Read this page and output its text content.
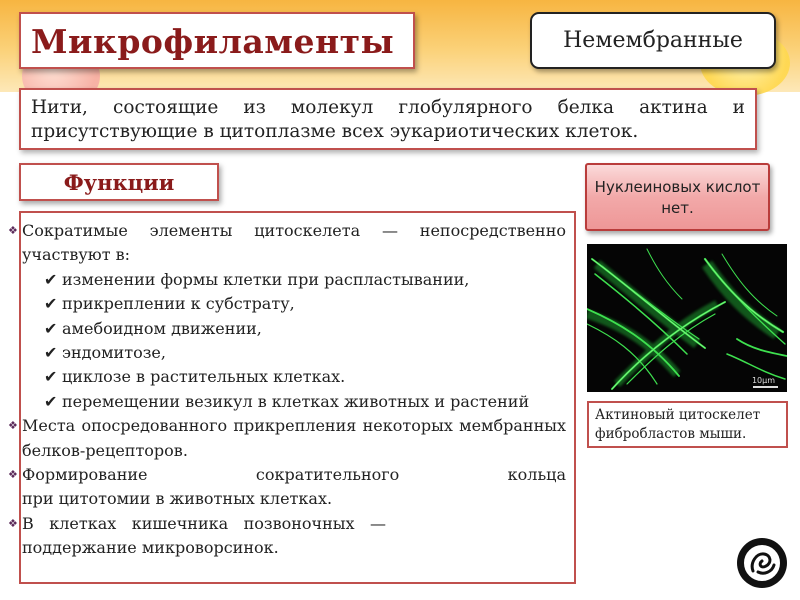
Микрофиламенты	Немембранные
Нити, состоящие из молекул глобулярного белка актина и присутствующие в цитоплазме всех эукариотических клеток.
Функции	Нуклеиновых кислот нет.
❖ Сократимые элементы цитоскелета — непосредственно участвуют в:
✔ изменении формы клетки при распластывании,
✔ прикреплении к субстрату,
✔ амебоидном движении,
✔ эндомитозе,
✔ циклозе в растительных клетках.
✔ перемещении везикул в клетках животных и растений
❖ Места опосредованного прикрепления некоторых мембранных белков-рецепторов.
❖ Формирование сократительного кольца
при цитотомии в животных клетках.
❖ В клетках кишечника позвоночных — поддержание микроворсинок.
10μm
Актиновый цитоскелет фибробластов мыши.
